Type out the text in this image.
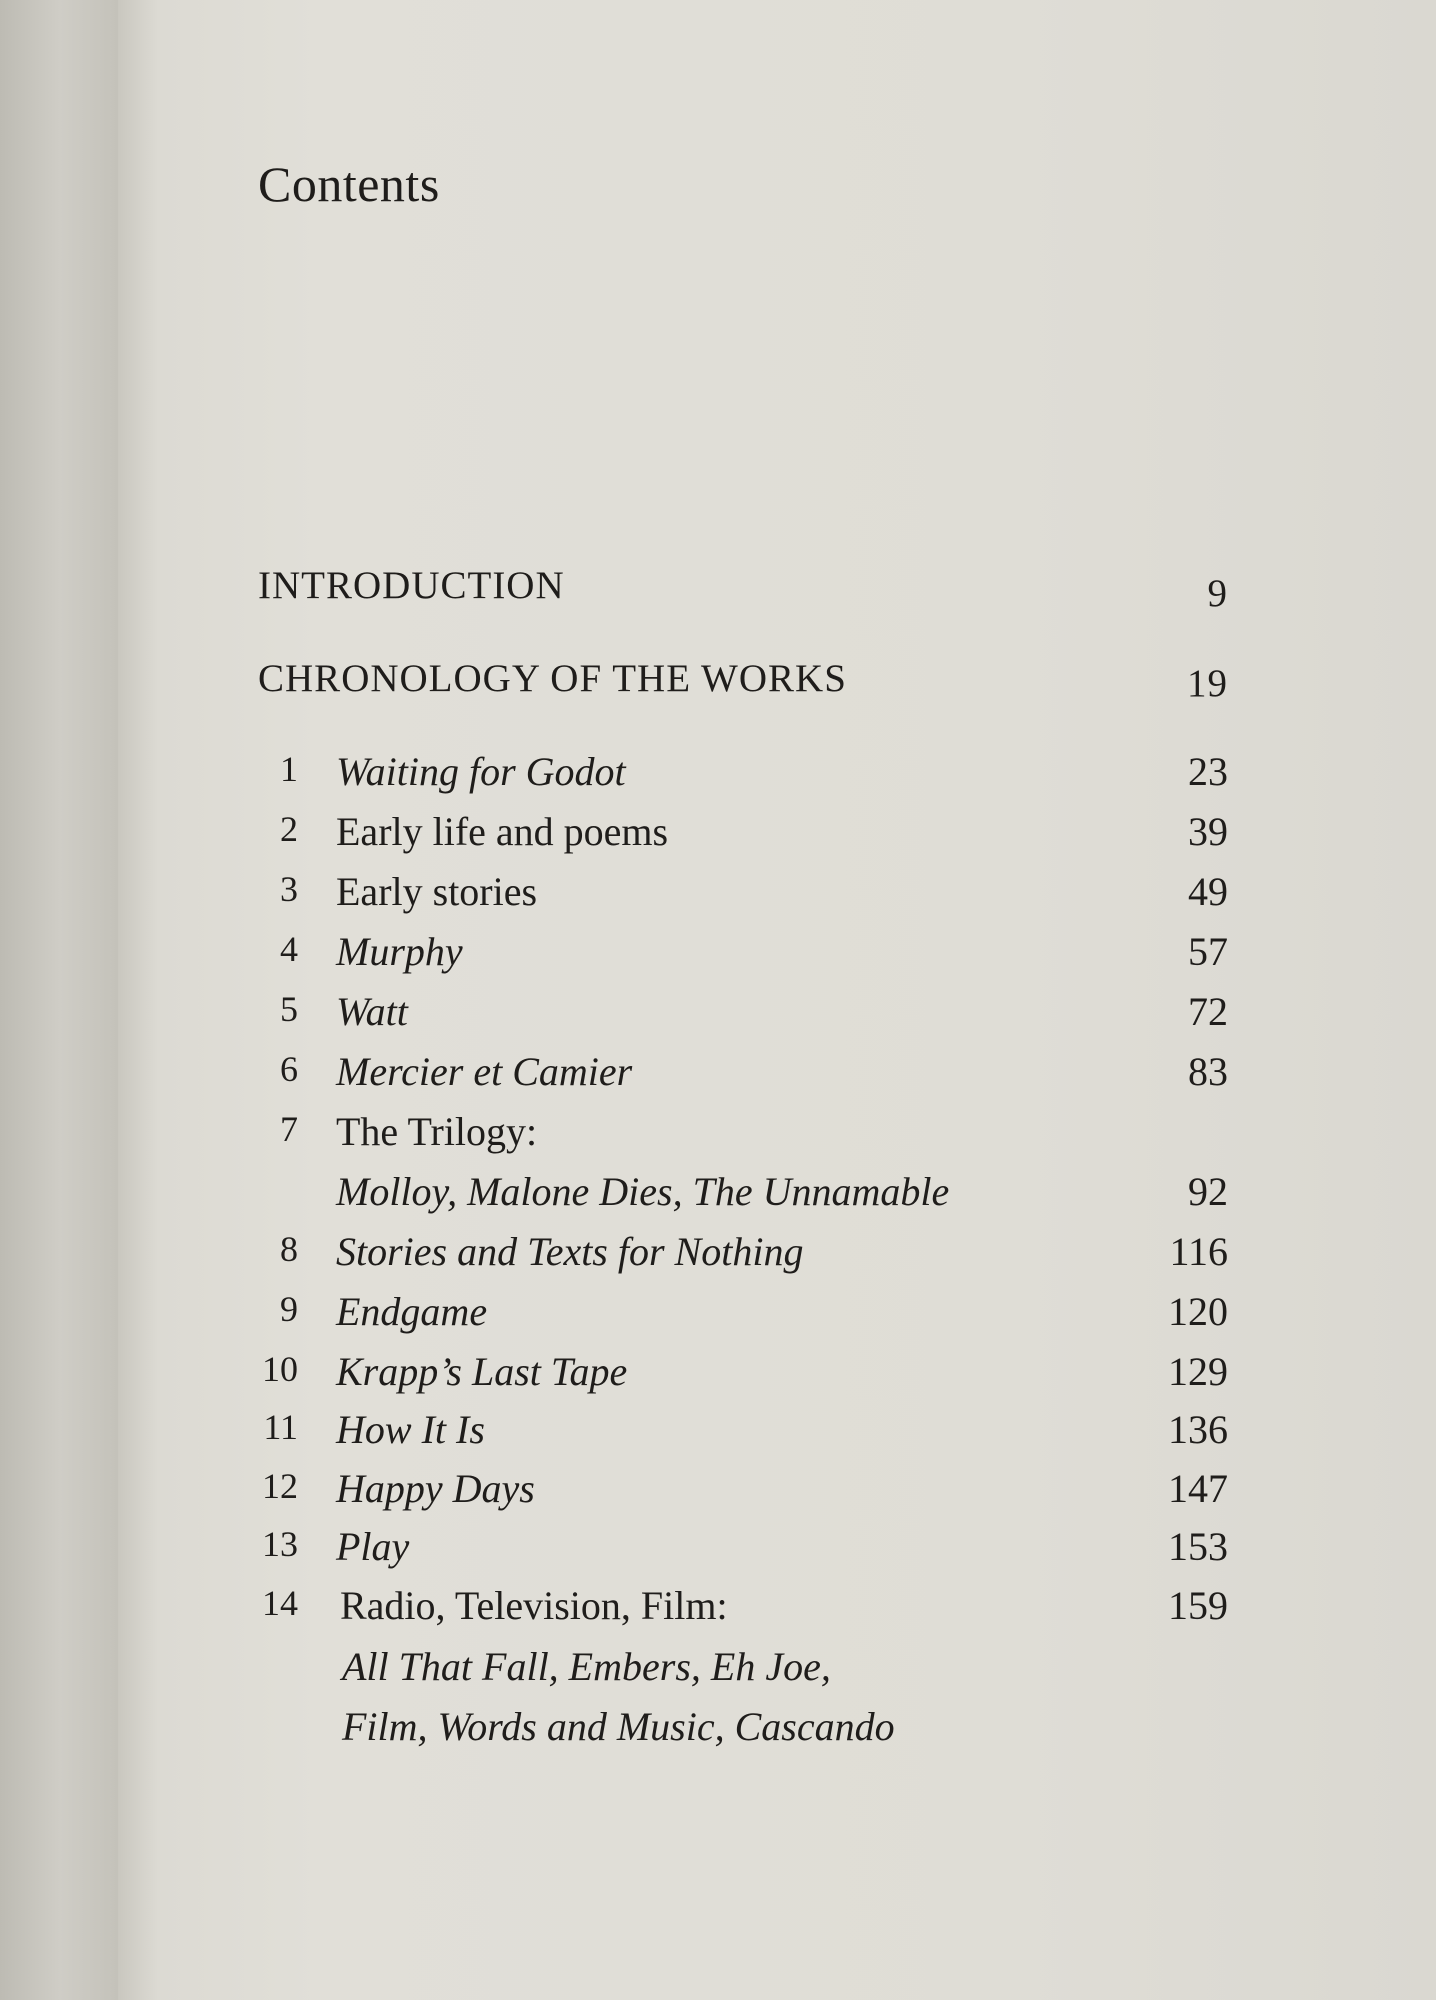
Contents
INTRODUCTION	9
CHRONOLOGY OF THE WORKS	19
1 Waiting for Godot	23
2 Early life and poems	39
3 Early stories	49
4 Murphy	57
5 Watt	72
6 Mercier et Camier	83
7 The Trilogy:
Molloy, Malone Dies, The Unnamable	92
8 Stories and Texts for Nothing	116
9 Endgame	120
10 Krapp’s Last Tape	129
11 How It Is	136
12 Happy Days	147
13 Play	153
14 Radio, Television, Film:	159
All That Fall, Embers, Eh Joe,
Film, Words and Music, Cascando
